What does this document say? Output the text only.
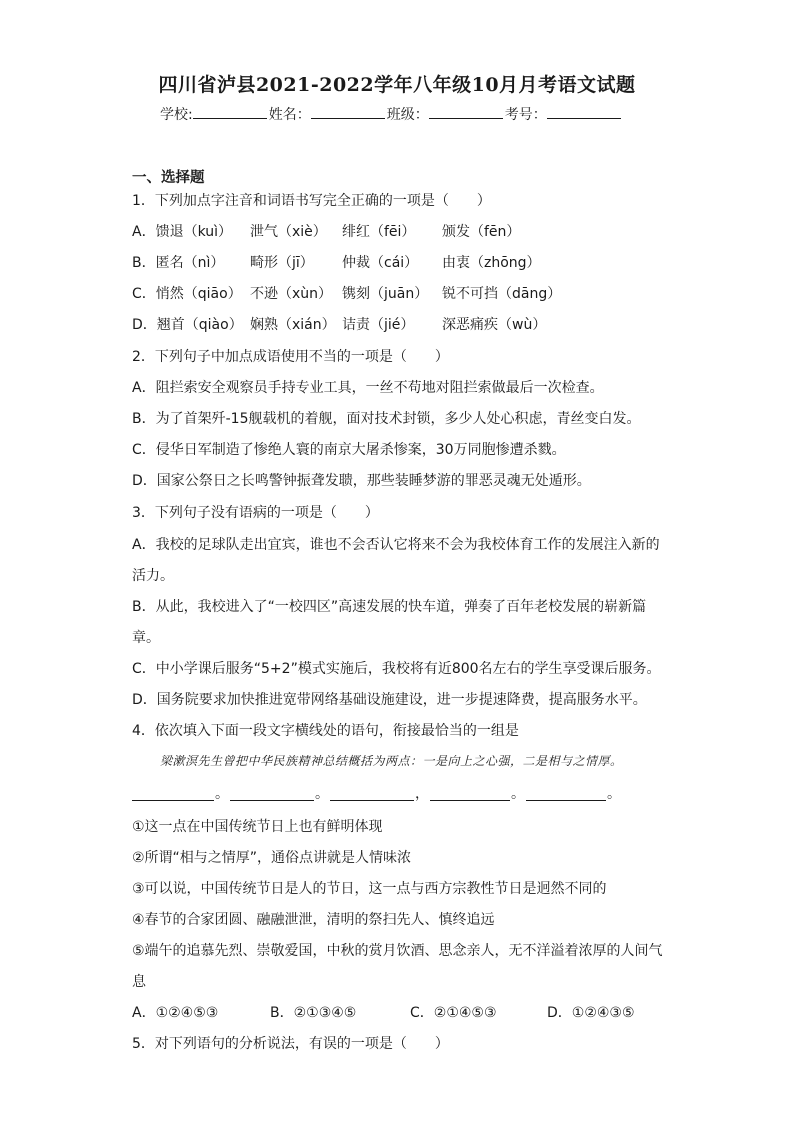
四川省泸县2021-2022学年八年级10月月考语文试题
学校:	姓名：	班级：	考号：
一、选择题
1．下列加点字注音和词语书写完全正确的一项是（　　）
A．馈退（kuì） 泄气（xiè） 绯红（fēi） 颁发（fēn）
B．匿名（nì） 畸形（jī） 仲裁（cái） 由衷（zhōng）
C．悄然（qiāo） 不逊（xùn） 镌刻（juān） 锐不可挡（dāng）
D．翘首（qiào） 娴熟（xián） 诘责（jié） 深恶痛疾（wù）
2．下列句子中加点成语使用不当的一项是（　　）
A．阻拦索安全观察员手持专业工具，一丝不苟地对阻拦索做最后一次检查。
B．为了首架歼-15舰载机的着舰，面对技术封锁，多少人处心积虑，青丝变白发。
C．侵华日军制造了惨绝人寰的南京大屠杀惨案，30万同胞惨遭杀戮。
D．国家公祭日之长鸣警钟振聋发聩，那些装睡梦游的罪恶灵魂无处遁形。
3．下列句子没有语病的一项是（　　）
A．我校的足球队走出宜宾，谁也不会否认它将来不会为我校体育工作的发展注入新的
活力。
B．从此，我校进入了“一校四区”高速发展的快车道，弹奏了百年老校发展的崭新篇
章。
C．中小学课后服务“5+2”模式实施后，我校将有近800名左右的学生享受课后服务。
D．国务院要求加快推进宽带网络基础设施建设，进一步提速降费，提高服务水平。
4．依次填入下面一段文字横线处的语句，衔接最恰当的一组是
梁漱溟先生曾把中华民族精神总结概括为两点：一是向上之心强，二是相与之情厚。
。	。	，	。	。
①这一点在中国传统节日上也有鲜明体现
②所谓“相与之情厚”，通俗点讲就是人情味浓
③可以说，中国传统节日是人的节日，这一点与西方宗教性节日是迥然不同的
④春节的合家团圆、融融泄泄，清明的祭扫先人、慎终追远
⑤端午的追慕先烈、崇敬爱国，中秋的赏月饮酒、思念亲人，无不洋溢着浓厚的人间气
息
A．①②④⑤③	B．②①③④⑤	C．②①④⑤③	D．①②④③⑤
5．对下列语句的分析说法，有误的一项是（　　）
